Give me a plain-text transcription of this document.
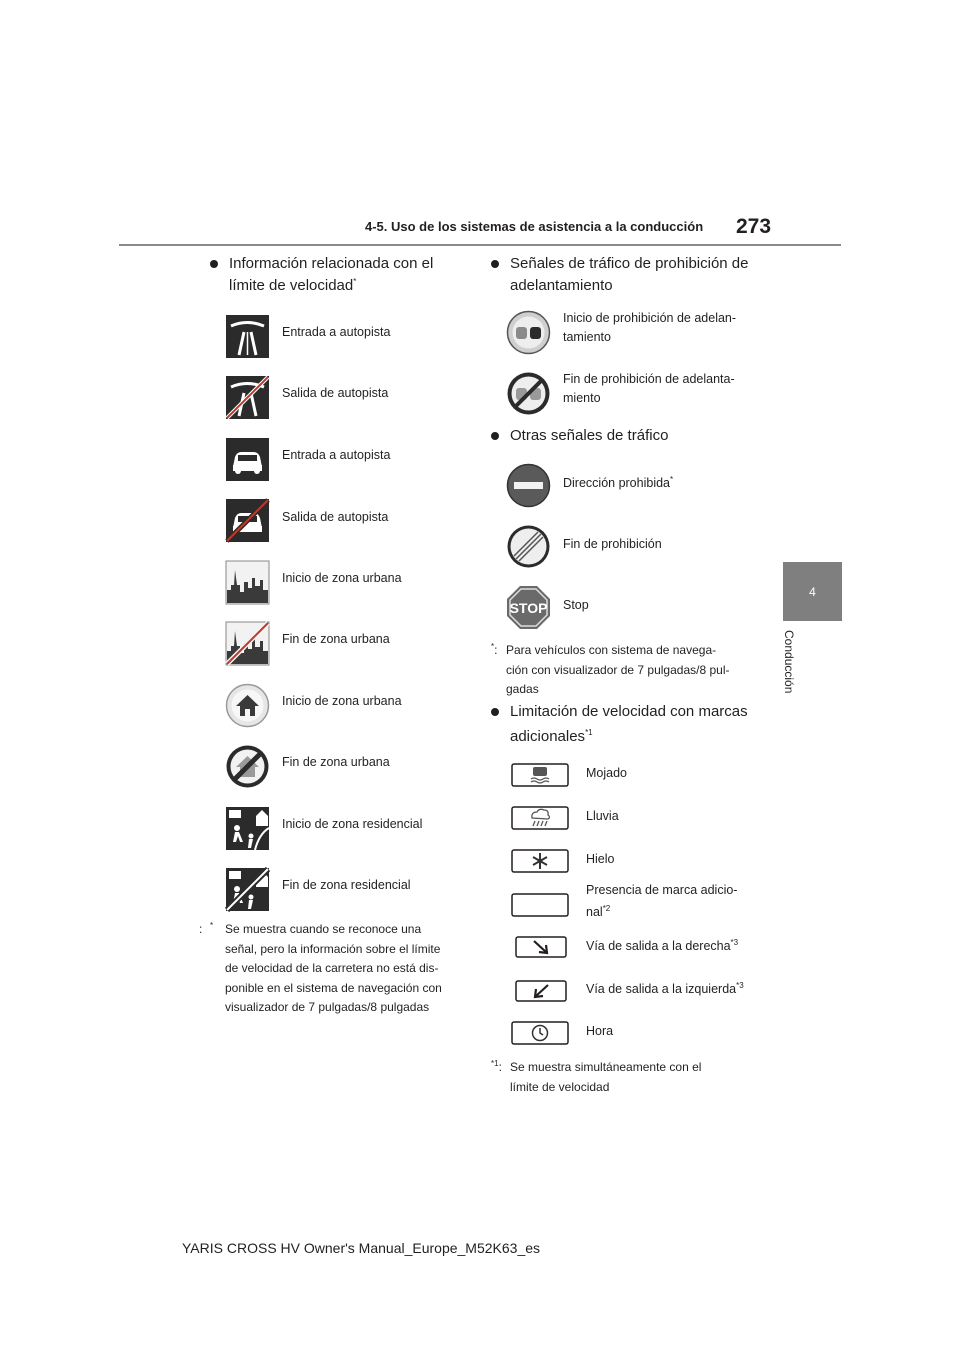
4-5. Uso de los sistemas de asistencia a la conducción 273
4
Conducción
Información relacionada con el límite de velocidad*
Entrada a autopista
Salida de autopista
Entrada a autopista
Salida de autopista
Inicio de zona urbana
Fin de zona urbana
Inicio de zona urbana
Fin de zona urbana
Inicio de zona residencial
Fin de zona residencial
*
:	Se muestra cuando se reconoce una
señal, pero la información sobre el límite
de velocidad de la carretera no está dis-
ponible en el sistema de navegación con
visualizador de 7 pulgadas/8 pulgadas
Señales de tráfico de prohibición de
adelantamiento
Inicio de prohibición de adelan-
tamiento
Fin de prohibición de adelanta-
miento
Otras señales de tráfico
Dirección prohibida*
Fin de prohibición
STOP Stop
*: Para vehículos con sistema de navega-
ción con visualizador de 7 pulgadas/8 pul-
gadas
Limitación de velocidad con marcas
adicionales$^{*1}$
Mojado
Lluvia
Hielo
Presencia de marca adicio-
nal$^{*2}$
Vía de salida a la derecha$^{*3}$
Vía de salida a la izquierda$^{*3}$
Hora
$^{*1}$: Se muestra simultáneamente con el
límite de velocidad
YARIS CROSS HV Owner's Manual_Europe_M52K63_es
